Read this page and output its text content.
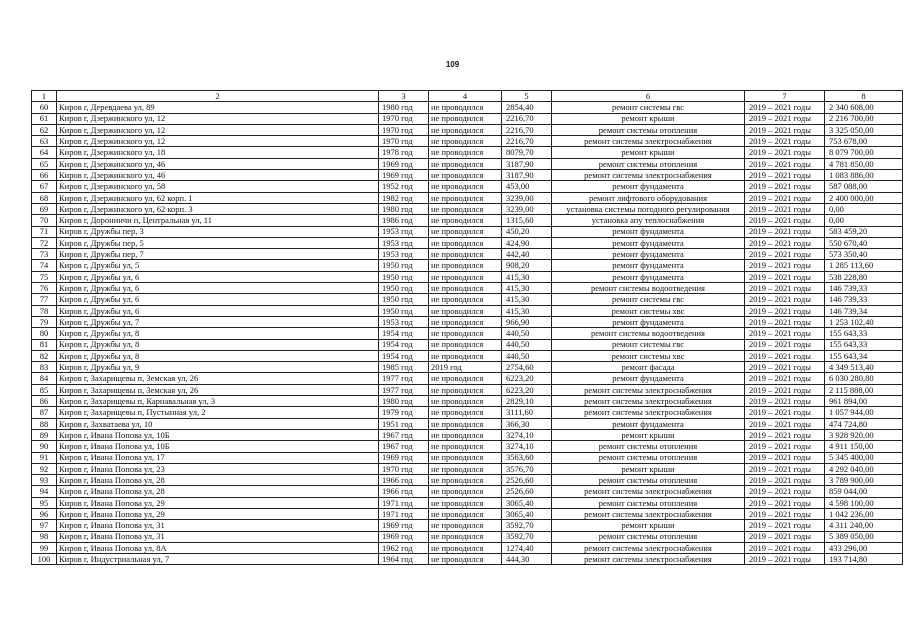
109
1	2	3	4	5	6	7	8
60	Киров г, Деревдаева ул, 89	1980 год	не проводился	2854,40	ремонт системы гвс	2019 – 2021 годы	2 340 608,00
61	Киров г, Дзержинского ул, 12	1970 год	не проводился	2216,70	ремонт крыши	2019 – 2021 годы	2 216 700,00
62	Киров г, Дзержинского ул, 12	1970 год	не проводился	2216,70	ремонт системы отопления	2019 – 2021 годы	3 325 050,00
63	Киров г, Дзержинского ул, 12	1970 год	не проводился	2216,70	ремонт системы электроснабжения	2019 – 2021 годы	753 678,00
64	Киров г, Дзержинского ул, 18	1978 год	не проводился	8079,70	ремонт крыши	2019 – 2021 годы	8 079 700,00
65	Киров г, Дзержинского ул, 46	1969 год	не проводился	3187,90	ремонт системы отопления	2019 – 2021 годы	4 781 850,00
66	Киров г, Дзержинского ул, 46	1969 год	не проводился	3187,90	ремонт системы электроснабжения	2019 – 2021 годы	1 083 886,00
67	Киров г, Дзержинского ул, 58	1952 год	не проводился	453,00	ремонт фундамента	2019 – 2021 годы	587 088,00
68	Киров г, Дзержинского ул, 62 корп. 1	1982 год	не проводился	3239,00	ремонт лифтового оборудования	2019 – 2021 годы	2 400 000,00
69	Киров г, Дзержинского ул, 62 корп. 3	1980 год	не проводился	3239,00	установка системы погодного регулирования	2019 – 2021 годы	0,00
70	Киров г, Доронинчи п, Центральная ул, 11	1986 год	не проводился	1315,60	установка апу теплоснабжения	2019 – 2021 годы	0,00
71	Киров г, Дружбы пер, 3	1953 год	не проводился	450,20	ремонт фундамента	2019 – 2021 годы	583 459,20
72	Киров г, Дружбы пер, 5	1953 год	не проводился	424,90	ремонт фундамента	2019 – 2021 годы	550 670,40
73	Киров г, Дружбы пер, 7	1953 год	не проводился	442,40	ремонт фундамента	2019 – 2021 годы	573 350,40
74	Киров г, Дружбы ул, 5	1950 год	не проводился	908,20	ремонт фундамента	2019 – 2021 годы	1 285 113,60
75	Киров г, Дружбы ул, 6	1950 год	не проводился	415,30	ремонт фундамента	2019 – 2021 годы	538 228,80
76	Киров г, Дружбы ул, 6	1950 год	не проводился	415,30	ремонт системы водоотведения	2019 – 2021 годы	146 739,33
77	Киров г, Дружбы ул, 6	1950 год	не проводился	415,30	ремонт системы гвс	2019 – 2021 годы	146 739,33
78	Киров г, Дружбы ул, 6	1950 год	не проводился	415,30	ремонт системы хвс	2019 – 2021 годы	146 739,34
79	Киров г, Дружбы ул, 7	1953 год	не проводился	966,90	ремонт фундамента	2019 – 2021 годы	1 253 102,40
80	Киров г, Дружбы ул, 8	1954 год	не проводился	440,50	ремонт системы водоотведения	2019 – 2021 годы	155 643,33
81	Киров г, Дружбы ул, 8	1954 год	не проводился	440,50	ремонт системы гвс	2019 – 2021 годы	155 643,33
82	Киров г, Дружбы ул, 8	1954 год	не проводился	440,50	ремонт системы хвс	2019 – 2021 годы	155 643,34
83	Киров г, Дружбы ул, 9	1985 год	2019 год	2754,60	ремонт фасада	2019 – 2021 годы	4 349 513,40
84	Киров г, Захарищевы п, Земская ул, 26	1977 год	не проводился	6223,20	ремонт фундамента	2019 – 2021 годы	6 030 280,80
85	Киров г, Захарищевы п, Земская ул, 26	1977 год	не проводился	6223,20	ремонт системы электроснабжения	2019 – 2021 годы	2 115 888,00
86	Киров г, Захарищевы п, Карнавальная ул, 3	1980 год	не проводился	2829,10	ремонт системы электроснабжения	2019 – 2021 годы	961 894,00
87	Киров г, Захарищевы п, Пустынная ул, 2	1979 год	не проводился	3111,60	ремонт системы электроснабжения	2019 – 2021 годы	1 057 944,00
88	Киров г, Захватаева ул, 10	1951 год	не проводился	366,30	ремонт фундамента	2019 – 2021 годы	474 724,80
89	Киров г, Ивана Попова ул, 10Б	1967 год	не проводился	3274,10	ремонт крыши	2019 – 2021 годы	3 928 920,00
90	Киров г, Ивана Попова ул, 10Б	1967 год	не проводился	3274,10	ремонт системы отопления	2019 – 2021 годы	4 911 150,00
91	Киров г, Ивана Попова ул, 17	1969 год	не проводился	3563,60	ремонт системы отопления	2019 – 2021 годы	5 345 400,00
92	Киров г, Ивана Попова ул, 23	1970 год	не проводился	3576,70	ремонт крыши	2019 – 2021 годы	4 292 040,00
93	Киров г, Ивана Попова ул, 28	1966 год	не проводился	2526,60	ремонт системы отопления	2019 – 2021 годы	3 789 900,00
94	Киров г, Ивана Попова ул, 28	1966 год	не проводился	2526,60	ремонт системы электроснабжения	2019 – 2021 годы	859 044,00
95	Киров г, Ивана Попова ул, 29	1971 год	не проводился	3065,40	ремонт системы отопления	2019 – 2021 годы	4 598 100,00
96	Киров г, Ивана Попова ул, 29	1971 год	не проводился	3065,40	ремонт системы электроснабжения	2019 – 2021 годы	1 042 236,00
97	Киров г, Ивана Попова ул, 31	1969 год	не проводился	3592,70	ремонт крыши	2019 – 2021 годы	4 311 240,00
98	Киров г, Ивана Попова ул, 31	1969 год	не проводился	3592,70	ремонт системы отопления	2019 – 2021 годы	5 389 050,00
99	Киров г, Ивана Попова ул, 8А	1962 год	не проводился	1274,40	ремонт системы электроснабжения	2019 – 2021 годы	433 296,00
100	Киров г, Индустриальная ул, 7	1964 год	не проводился	444,30	ремонт системы электроснабжения	2019 – 2021 годы	193 714,80
